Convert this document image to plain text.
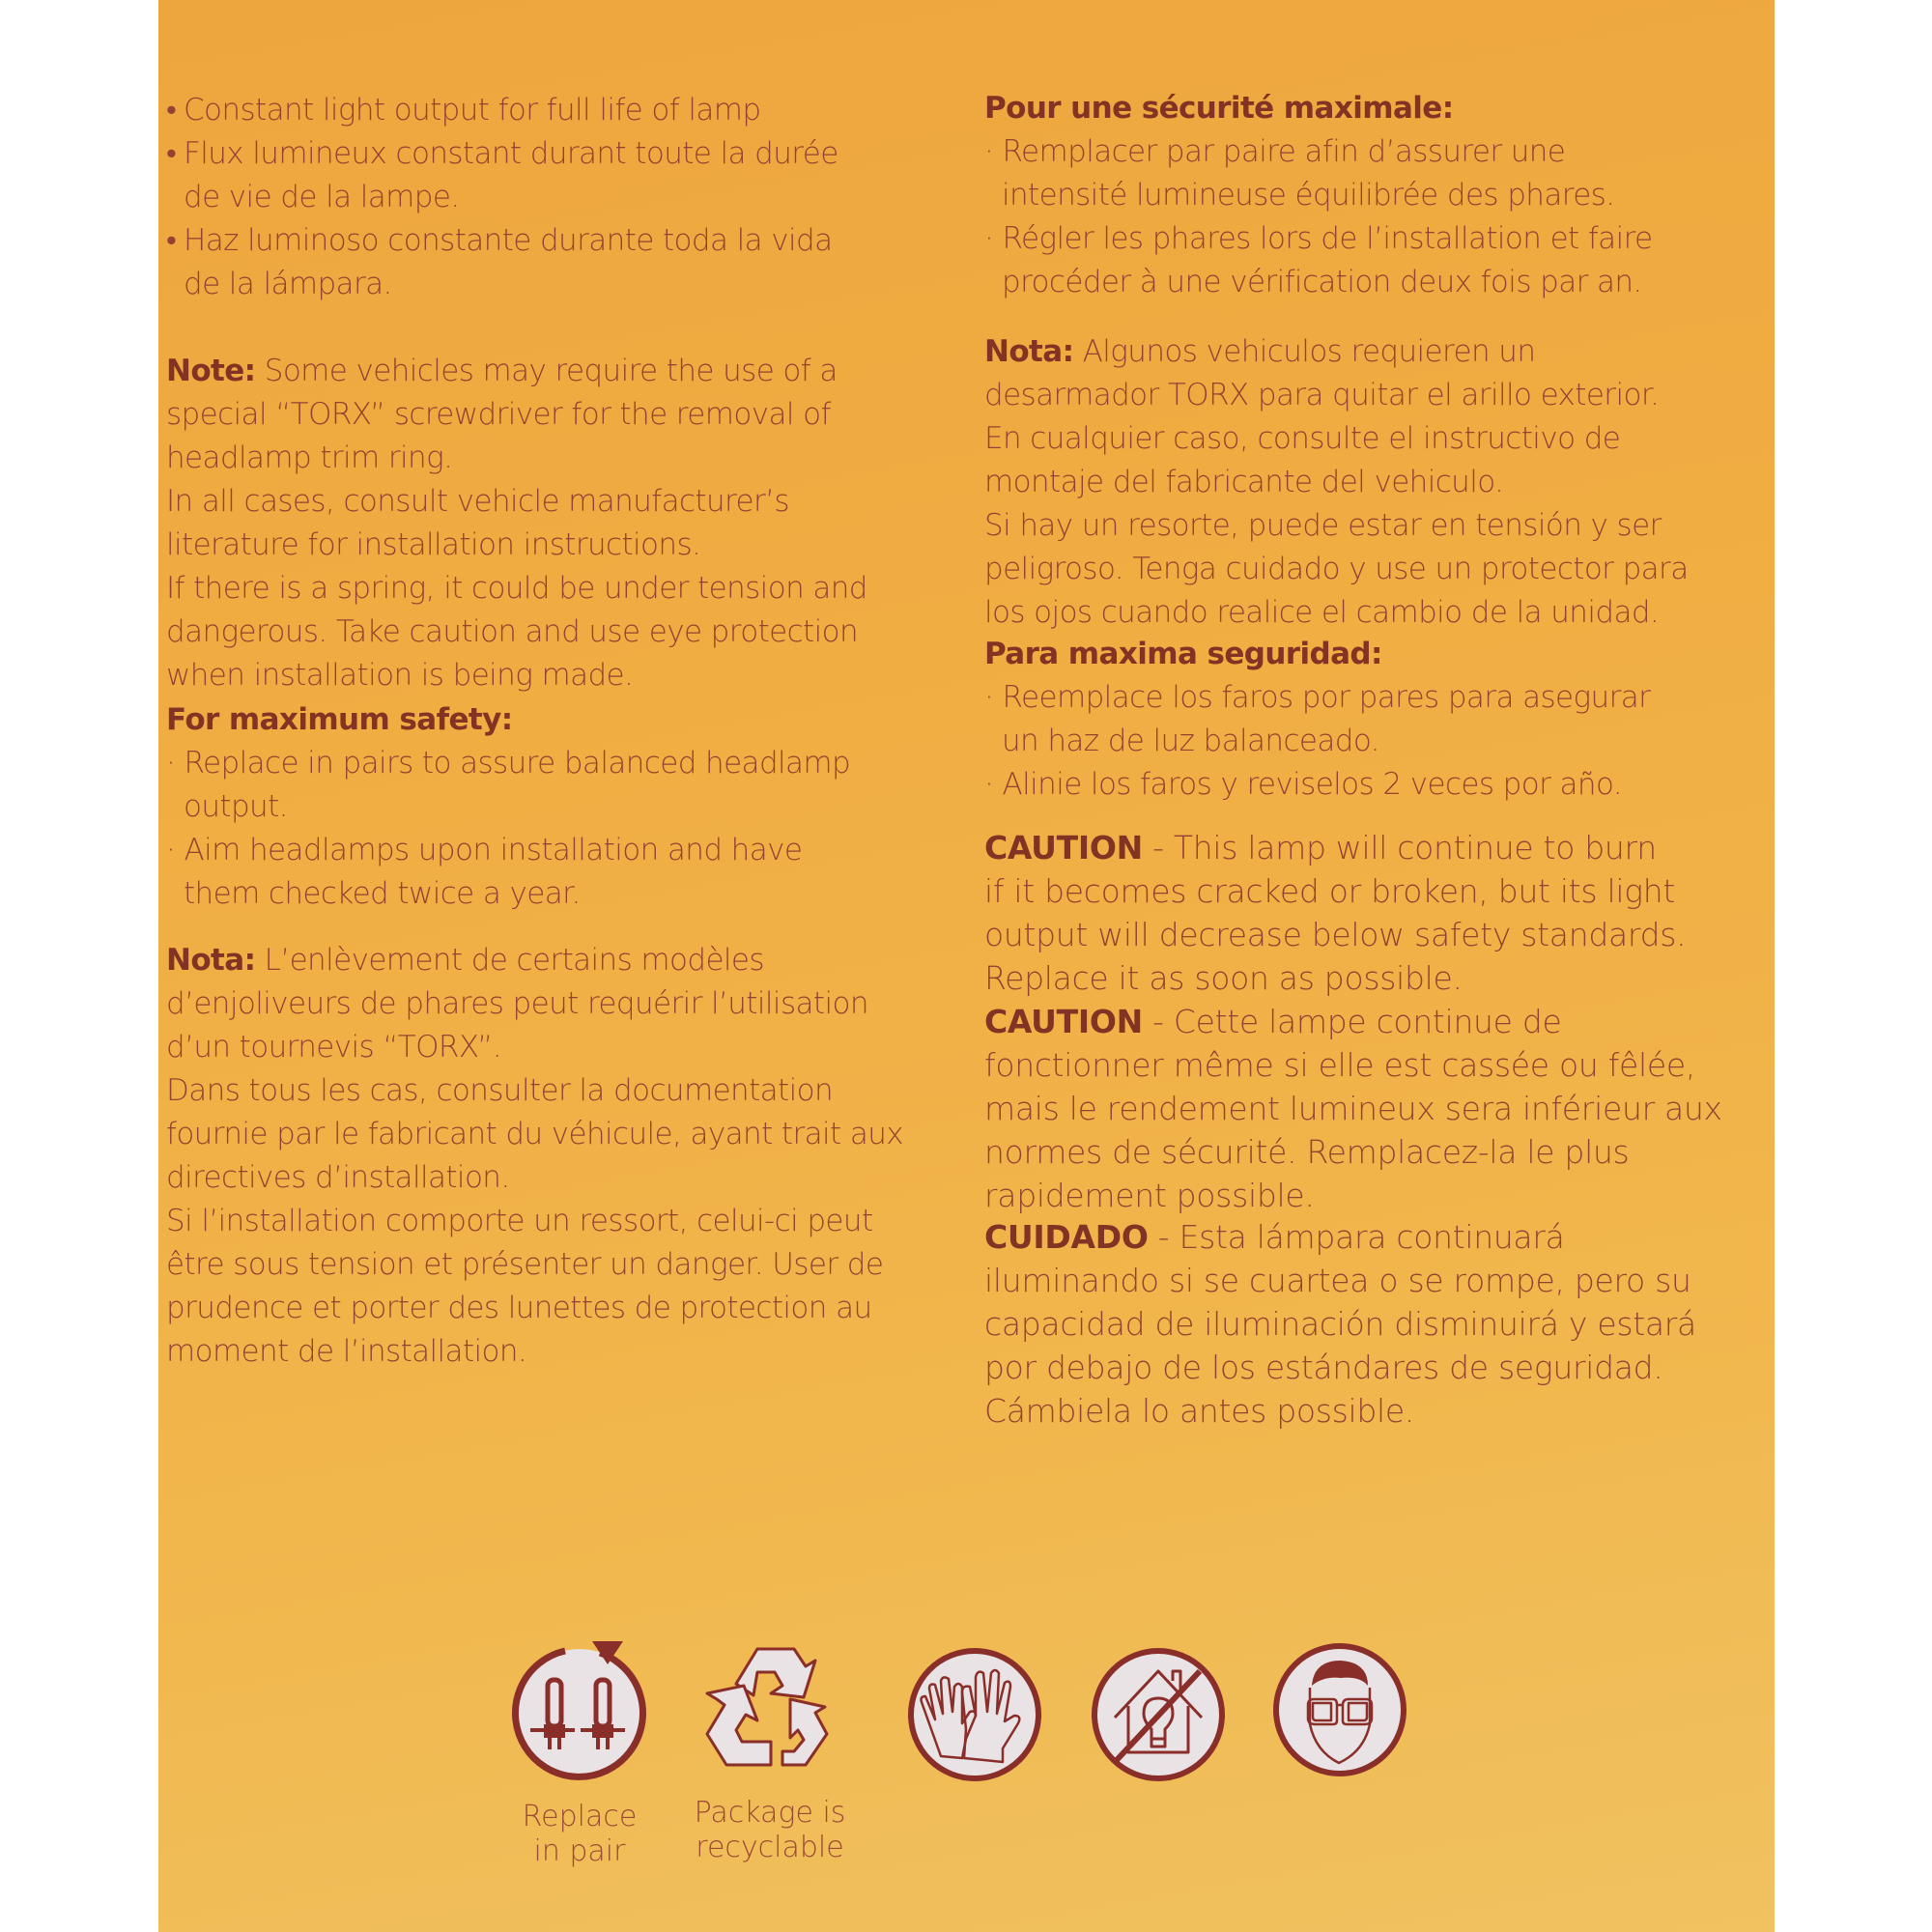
• Constant light output for full life of lamp
• Flux lumineux constant durant toute la durée
de vie de la lampe.
• Haz luminoso constante durante toda la vida
de la lámpara.
Note: Some vehicles may require the use of a
special “TORX” screwdriver for the removal of
headlamp trim ring.
In all cases, consult vehicle manufacturer’s
literature for installation instructions.
If there is a spring, it could be under tension and
dangerous. Take caution and use eye protection
when installation is being made.
For maximum safety:
· Replace in pairs to assure balanced headlamp
output.
· Aim headlamps upon installation and have
them checked twice a year.
Nota: L’enlèvement de certains modèles
d’enjoliveurs de phares peut requérir l’utilisation
d’un tournevis “TORX”.
Dans tous les cas, consulter la documentation
fournie par le fabricant du véhicule, ayant trait aux
directives d’installation.
Si l’installation comporte un ressort, celui-ci peut
être sous tension et présenter un danger. User de
prudence et porter des lunettes de protection au
moment de l’installation.
Pour une sécurité maximale:
· Remplacer par paire afin d’assurer une
intensité lumineuse équilibrée des phares.
· Régler les phares lors de l’installation et faire
procéder à une vérification deux fois par an.
Nota: Algunos vehiculos requieren un
desarmador TORX para quitar el arillo exterior.
En cualquier caso, consulte el instructivo de
montaje del fabricante del vehiculo.
Si hay un resorte, puede estar en tensión y ser
peligroso. Tenga cuidado y use un protector para
los ojos cuando realice el cambio de la unidad.
Para maxima seguridad:
· Reemplace los faros por pares para asegurar
un haz de luz balanceado.
· Alinie los faros y reviselos 2 veces por año.
CAUTION - This lamp will continue to burn
if it becomes cracked or broken, but its light
output will decrease below safety standards.
Replace it as soon as possible.
CAUTION - Cette lampe continue de
fonctionner même si elle est cassée ou fêlée,
mais le rendement lumineux sera inférieur aux
normes de sécurité. Remplacez-la le plus
rapidement possible.
CUIDADO - Esta lámpara continuará
iluminando si se cuartea o se rompe, pero su
capacidad de iluminación disminuirá y estará
por debajo de los estándares de seguridad.
Cámbiela lo antes possible.
Replace
in pair
Package is
recyclable
